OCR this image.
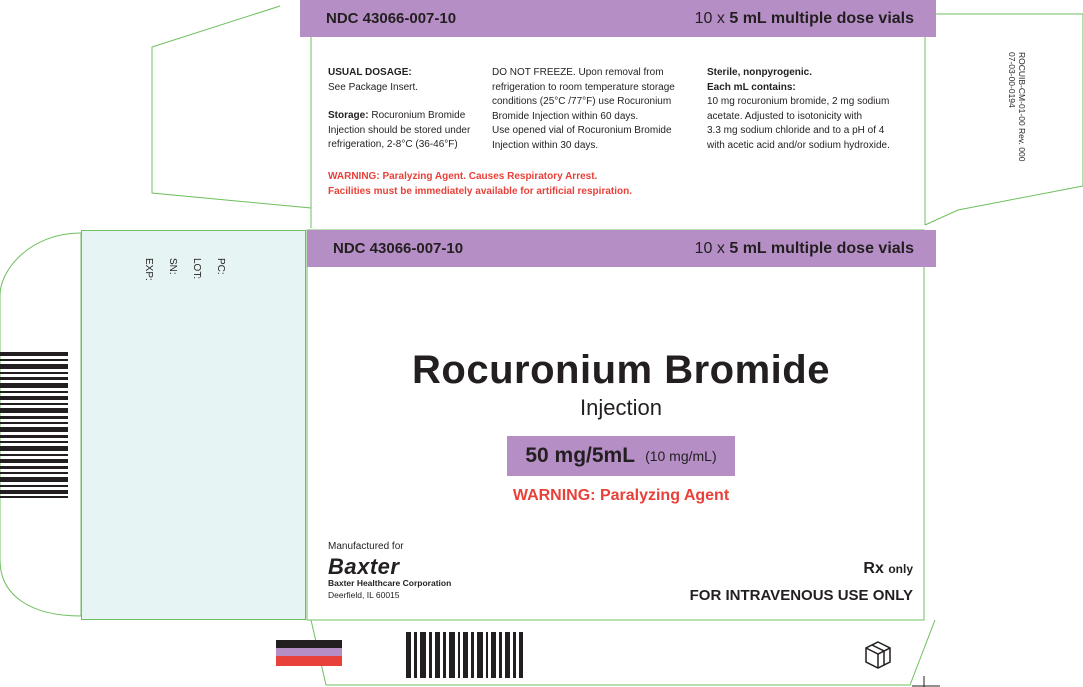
PC:
LOT:
SN:
EXP:
NDC 43066-007-10	10 x 5 mL multiple dose vials
USUAL DOSAGE:
See Package Insert.
Storage: Rocuronium Bromide
Injection should be stored under
refrigeration, 2-8°C (36-46°F)
DO NOT FREEZE. Upon removal from
refrigeration to room temperature storage
conditions (25°C /77°F) use Rocuronium
Bromide Injection within 60 days.
Use opened vial of Rocuronium Bromide
Injection within 30 days.
Sterile, nonpyrogenic.
Each mL contains:
10 mg rocuronium bromide, 2 mg sodium
acetate. Adjusted to isotonicity with
3.3 mg sodium chloride and to a pH of 4
with acetic acid and/or sodium hydroxide.
WARNING: Paralyzing Agent. Causes Respiratory Arrest.
Facilities must be immediately available for artificial respiration.
ROCUIB-CM-01-00 Rev. 000
07-03-00-0194
NDC 43066-007-10	10 x 5 mL multiple dose vials
Rocuronium Bromide
Injection
50 mg/5mL (10 mg/mL)
WARNING: Paralyzing Agent
Manufactured for
Baxter
Baxter Healthcare Corporation
Deerfield, IL 60015
Rx only
FOR INTRAVENOUS USE ONLY
